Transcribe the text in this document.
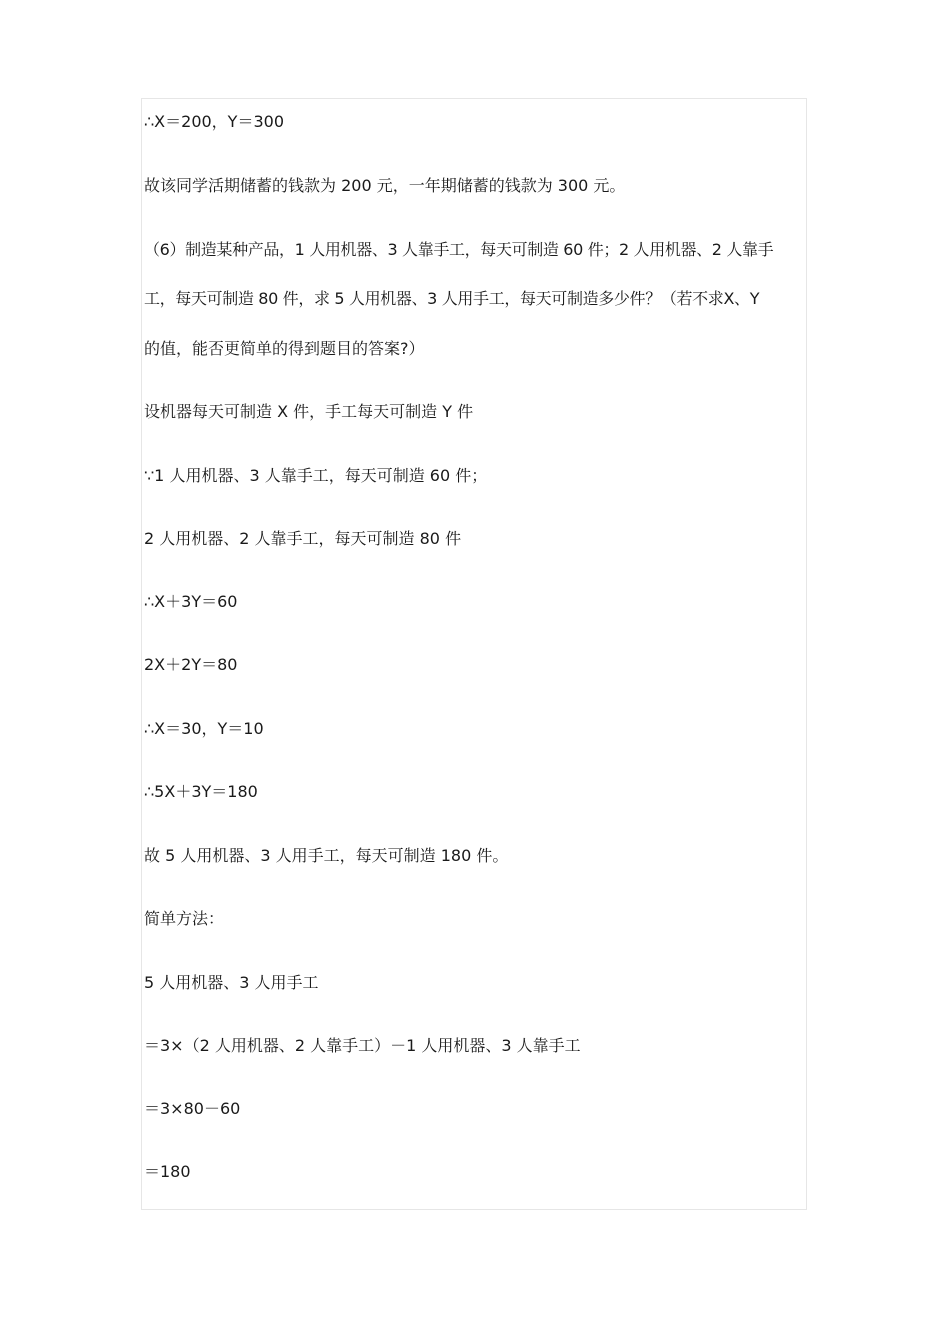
∴X＝200，Y＝300
故该同学活期储蓄的钱款为 200 元，一年期储蓄的钱款为 300 元。
（6）制造某种产品，1 人用机器、3 人靠手工，每天可制造 60 件；2 人用机器、2 人靠手
工，每天可制造 80 件，求 5 人用机器、3 人用手工，每天可制造多少件？（若不求X、Y
的值，能否更简单的得到题目的答案?）
设机器每天可制造 X 件，手工每天可制造 Y 件
∵1 人用机器、3 人靠手工，每天可制造 60 件；
2 人用机器、2 人靠手工，每天可制造 80 件
∴X＋3Y＝60
2X＋2Y＝80
∴X＝30，Y＝10
∴5X＋3Y＝180
故 5 人用机器、3 人用手工，每天可制造 180 件。
简单方法：
5 人用机器、3 人用手工
＝3×（2 人用机器、2 人靠手工）－1 人用机器、3 人靠手工
＝3×80－60
＝180
